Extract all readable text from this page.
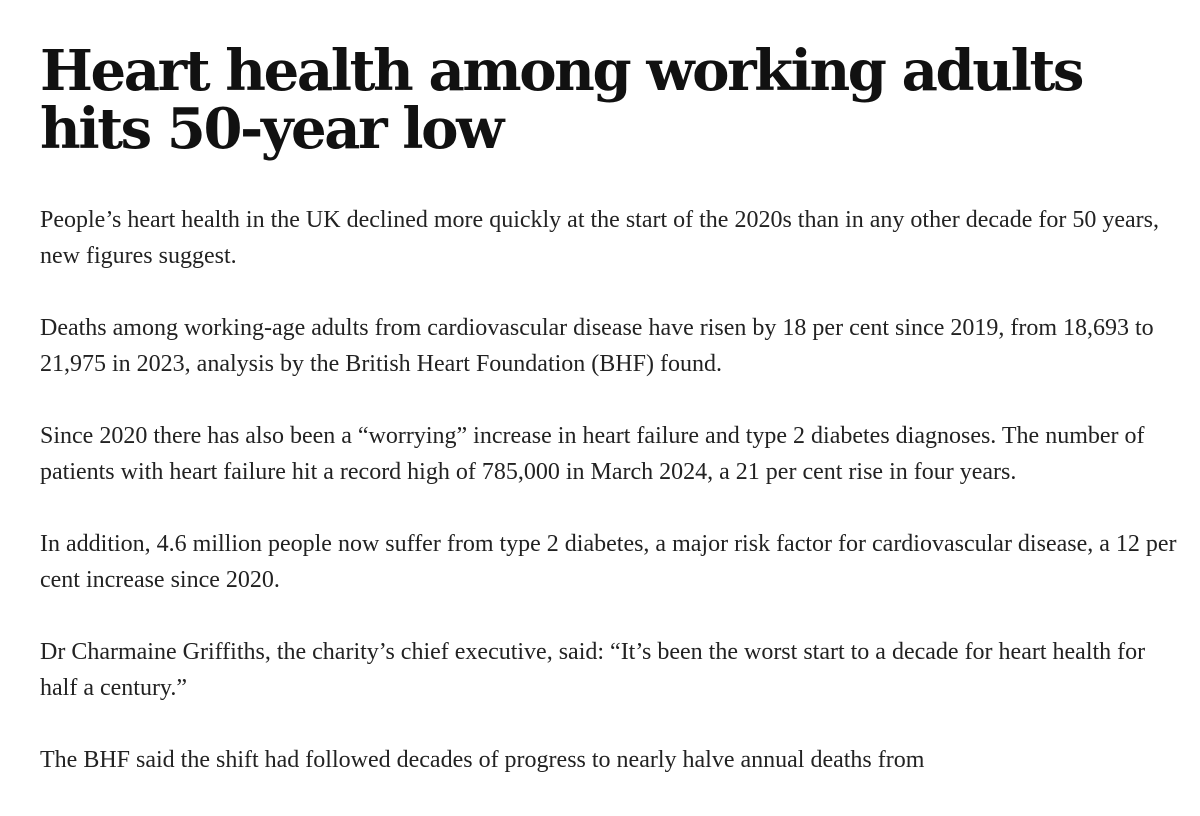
Heart health among working adults hits 50-year low

People’s heart health in the UK declined more quickly at the start of the 2020s than in any other decade for 50 years, new figures suggest.

Deaths among working-age adults from cardiovascular disease have risen by 18 per cent since 2019, from 18,693 to 21,975 in 2023, analysis by the British Heart Foundation (BHF) found.

Since 2020 there has also been a “worrying” increase in heart failure and type 2 diabetes diagnoses. The number of patients with heart failure hit a record high of 785,000 in March 2024, a 21 per cent rise in four years.

In addition, 4.6 million people now suffer from type 2 diabetes, a major risk factor for cardiovascular disease, a 12 per cent increase since 2020.

Dr Charmaine Griffiths, the charity’s chief executive, said: “It’s been the worst start to a decade for heart health for half a century.”

The BHF said the shift had followed decades of progress to nearly halve annual deaths from
